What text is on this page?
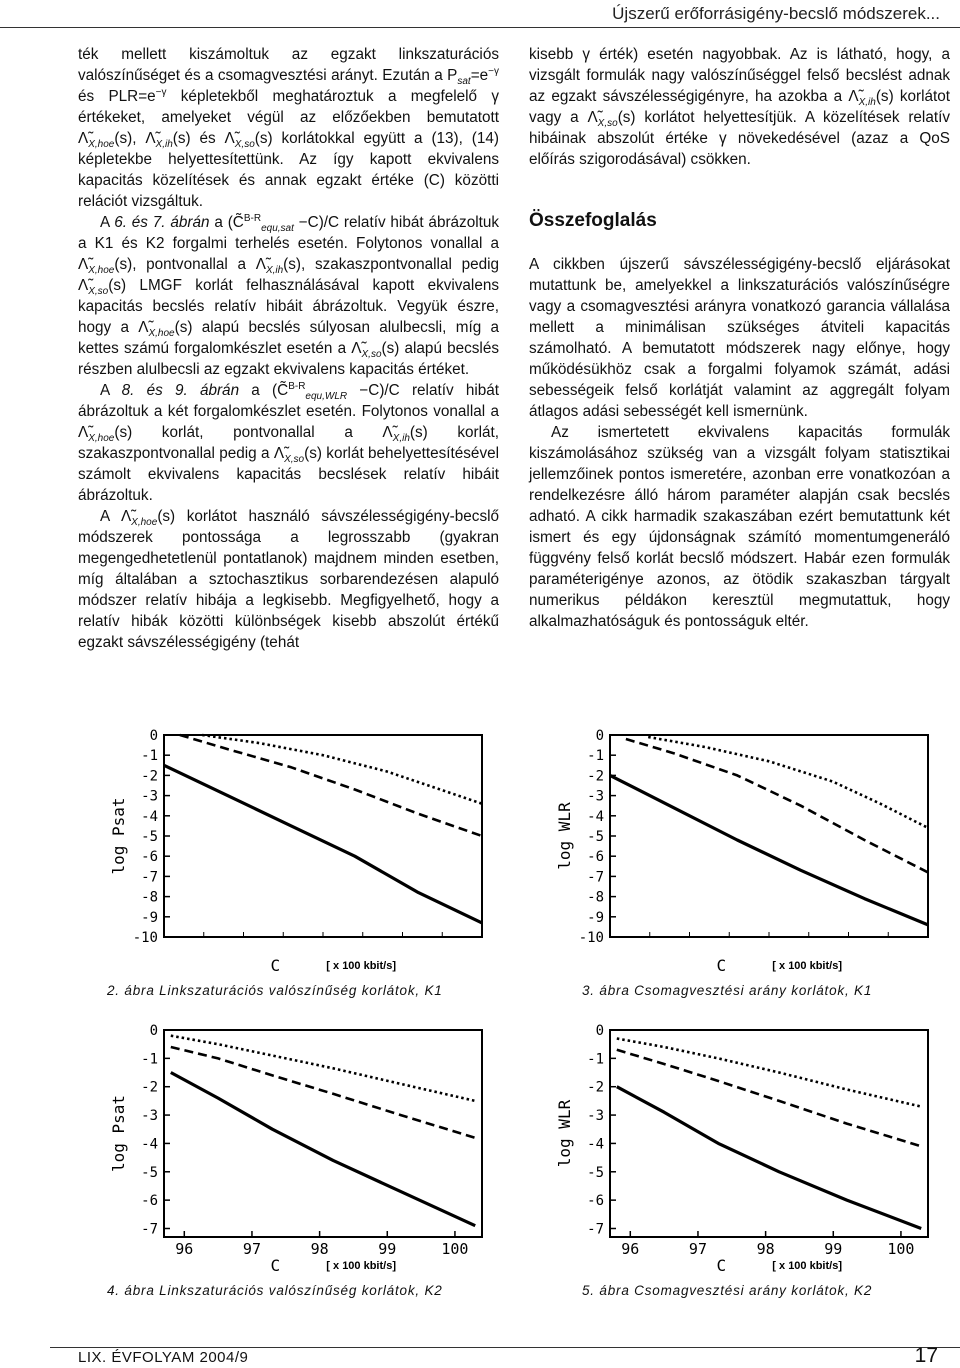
Újszerű erőforrásigény-becslő módszerek...

ték mellett kiszámoltuk az egzakt linkszaturációs valószínűséget és a csomagvesztési arányt. Ezután a $P_{sat}=e^{-\gamma}$ és $PLR=e^{-\gamma}$ képletekből meghatároztuk a megfelelő γ értékeket, amelyeket végül az előzőekben bemutatott $\Lambdã_{X,hoe}(s)$, $\Lambdã_{X,ih}(s)$ és $\Lambdã_{X,so}(s)$ korlátokkal együtt a (13), (14) képletekbe helyettesítettünk. Az így kapott ekvivalens kapacitás közelítések és annak egzakt értéke (C) közötti relációt vizsgáltuk.

A 6. és 7. ábrán a (C̃$^{B-R}_{equ,sat}$ −C)/C relatív hibát ábrázoltuk a K1 és K2 forgalmi terhelés esetén. Folytonos vonallal a $\Lambdã_{X,hoe}(s)$, pontvonallal a $\Lambdã_{X,ih}(s)$, szakaszpontvonallal pedig $\Lambdã_{X,so}(s)$ LMGF korlát felhasználásával kapott ekvivalens kapacitás becslés relatív hibáit ábrázoltuk. Vegyük észre, hogy a $\Lambdã_{X,hoe}(s)$ alapú becslés súlyosan alulbecsli, míg a kettes számú forgalomkészlet esetén a $\Lambdã_{X,so}(s)$ alapú becslés részben alulbecsli az egzakt ekvivalens kapacitás értéket.

A 8. és 9. ábrán a (C̃$^{B-R}_{equ,WLR}$ −C)/C relatív hibát ábrázoltuk a két forgalomkészlet esetén. Folytonos vonallal a $\Lambdã_{X,hoe}(s)$ korlát, pontvonallal a $\Lambdã_{X,ih}(s)$ korlát, szakaszpontvonallal pedig a $\Lambdã_{X,so}(s)$ korlát behelyettesítésével számolt ekvivalens kapacitás becslések relatív hibáit ábrázoltuk.

A $\Lambdã_{X,hoe}(s)$ korlátot használó sávszélességigény-becslő módszerek pontossága a legrosszabb (gyakran megengedhetetlenül pontatlanok) majdnem minden esetben, míg általában a sztochasztikus sorbarendezésen alapuló módszer relatív hibája a legkisebb. Megfigyelhető, hogy a relatív hibák közötti különbségek kisebb abszolút értékű egzakt sávszélességigény (tehát

kisebb γ érték) esetén nagyobbak. Az is látható, hogy, a vizsgált formulák nagy valószínűséggel felső becslést adnak az egzakt sávszélességigényre, ha azokba a $\Lambdã_{X,ih}(s)$ korlátot vagy a $\Lambdã_{X,so}(s)$ korlátot helyettesítjük. A közelítések relatív hibáinak abszolút értéke γ növekedésével (azaz a QoS előírás szigorodásával) csökken.

Összefoglalás

A cikkben újszerű sávszélességigény-becslő eljárásokat mutattunk be, amelyekkel a linkszaturációs valószínűségre vagy a csomagvesztési arányra vonatkozó garancia vállalása mellett a minimálisan szükséges átviteli kapacitás számolható. A bemutatott módszerek nagy előnye, hogy működésükhöz csak a forgalmi folyamok számát, adási sebességeik felső korlátját valamint az aggregált folyam átlagos adási sebességét kell ismernünk.

Az ismertetett ekvivalens kapacitás formulák kiszámolásához szükség van a vizsgált folyam statisztikai jellemzőinek pontos ismeretére, azonban erre vonatkozóan a rendelkezésre álló három paraméter alapján csak becslés adható. A cikk harmadik szakaszában ezért bemutattunk két ismert és egy újdonságnak számító momentumgeneráló függvény felső korlát becslő módszert. Habár ezen formulák paraméterigénye azonos, az ötödik szakaszban tárgyalt numerikus példákon keresztül megmutattuk, hogy alkalmazhatóságuk és pontosságuk eltér.

0
-1
-2
-3
-4
-5
-6
-7
-8
-9
-10
log Psat
C	[ x 100 kbit/s]
0
-1
-2
-3
-4
-5
-6
-7
-8
-9
-10
log WLR
C	[ x 100 kbit/s]
2. ábra Linkszaturációs valószínűség korlátok, K1	3. ábra Csomagvesztési arány korlátok, K1
0
-1
-2
-3
-4
-5
-6
-7
96	97	98	99	100
log Psat
C	[ x 100 kbit/s]
0
-1
-2
-3
-4
-5
-6
-7
96	97	98	99	100
log WLR
C	[ x 100 kbit/s]
4. ábra Linkszaturációs valószínűség korlátok, K2	5. ábra Csomagvesztési arány korlátok, K2
LIX. ÉVFOLYAM 2004/9	17
